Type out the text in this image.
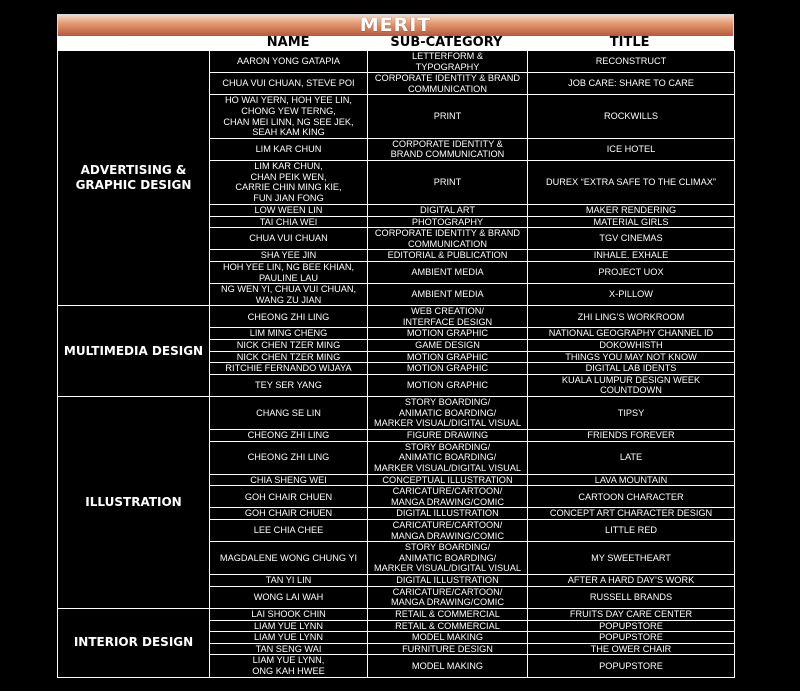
MERIT
NAME	SUB-CATEGORY	TITLE
ADVERTISING &
GRAPHIC DESIGN	AARON YONG GATAPIA	LETTERFORM &
TYPOGRAPHY	RECONSTRUCT

	CHUA VUI CHUAN, STEVE POI	CORPORATE IDENTITY & BRAND
COMMUNICATION	JOB CARE: SHARE TO CARE

	HO WAI YERN, HOH YEE LIN,
CHONG YEW TERNG,
CHAN MEI LINN, NG SEE JEK,
SEAH KAM KING	PRINT	ROCKWILLS

	LIM KAR CHUN	CORPORATE IDENTITY &
BRAND COMMUNICATION	ICE HOTEL

	LIM KAR CHUN,
CHAN PEIK WEN,
CARRIE CHIN MING KIE,
FUN JIAN FONG	PRINT	DUREX “EXTRA SAFE TO THE CLIMAX”

	LOW WEEN LIN	DIGITAL ART	MAKER RENDERING

	TAI CHIA WEI	PHOTOGRAPHY	MATERIAL GIRLS

	CHUA VUI CHUAN	CORPORATE IDENTITY & BRAND
COMMUNICATION	TGV CINEMAS

	SHA YEE JIN	EDITORIAL & PUBLICATION	INHALE. EXHALE

	HOH YEE LIN, NG BEE KHIAN,
PAULINE LAU	AMBIENT MEDIA	PROJECT UOX

	NG WEN YI, CHUA VUI CHUAN,
WANG ZU JIAN	AMBIENT MEDIA	X-PILLOW

MULTIMEDIA DESIGN	CHEONG ZHI LING	WEB CREATION/
INTERFACE DESIGN	ZHI LING’S WORKROOM

	LIM MING CHENG	MOTION GRAPHIC	NATIONAL GEOGRAPHY CHANNEL ID

	NICK CHEN TZER MING	GAME DESIGN	DOKOWHISTH

	NICK CHEN TZER MING	MOTION GRAPHIC	THINGS YOU MAY NOT KNOW

	RITCHIE FERNANDO WIJAYA	MOTION GRAPHIC	DIGITAL LAB IDENTS

	TEY SER YANG	MOTION GRAPHIC	KUALA LUMPUR DESIGN WEEK
COUNTDOWN

ILLUSTRATION	CHANG SE LIN	STORY BOARDING/
ANIMATIC BOARDING/
MARKER VISUAL/DIGITAL VISUAL	TIPSY

	CHEONG ZHI LING	FIGURE DRAWING	FRIENDS FOREVER

	CHEONG ZHI LING	STORY BOARDING/
ANIMATIC BOARDING/
MARKER VISUAL/DIGITAL VISUAL	LATE

	CHIA SHENG WEI	CONCEPTUAL ILLUSTRATION	LAVA MOUNTAIN

	GOH CHAIR CHUEN	CARICATURE/CARTOON/
MANGA DRAWING/COMIC	CARTOON CHARACTER

	GOH CHAIR CHUEN	DIGITAL ILLUSTRATION	CONCEPT ART CHARACTER DESIGN

	LEE CHIA CHEE	CARICATURE/CARTOON/
MANGA DRAWING/COMIC	LITTLE RED

	MAGDALENE WONG CHUNG YI	STORY BOARDING/
ANIMATIC BOARDING/
MARKER VISUAL/DIGITAL VISUAL	MY SWEETHEART

	TAN YI LIN	DIGITAL ILLUSTRATION	AFTER A HARD DAY’S WORK

	WONG LAI WAH	CARICATURE/CARTOON/
MANGA DRAWING/COMIC	RUSSELL BRANDS

INTERIOR DESIGN	LAI SHOOK CHIN	RETAIL & COMMERCIAL	FRUITS DAY CARE CENTER

	LIAM YUE LYNN	RETAIL & COMMERCIAL	POPUPSTORE

	LIAM YUE LYNN	MODEL MAKING	POPUPSTORE

	TAN SENG WAI	FURNITURE DESIGN	THE OWER CHAIR

	LIAM YUE LYNN,
ONG KAH HWEE	MODEL MAKING	POPUPSTORE
